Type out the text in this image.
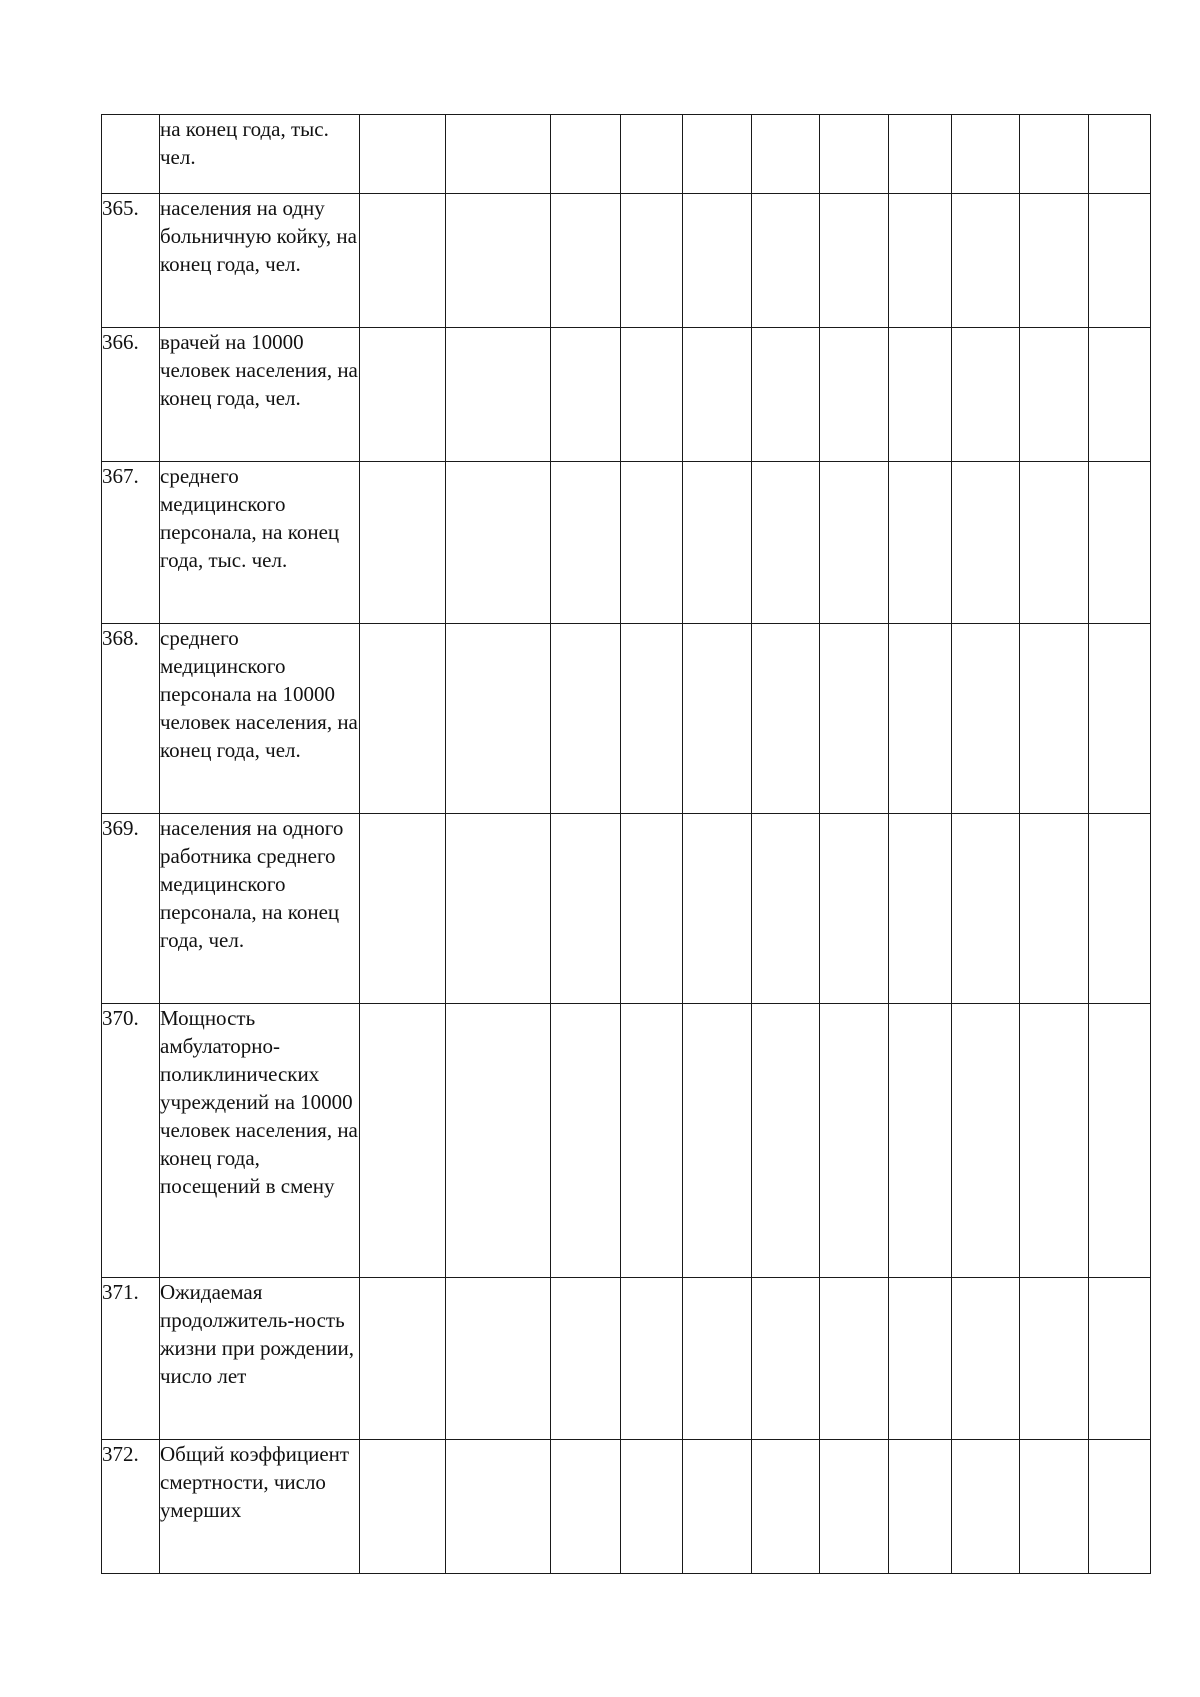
	на конец года, тыс. чел.											
365.	населения на одну больничную койку, на конец года, чел.											
366.	врачей на 10000 человек населения, на конец года, чел.											
367.	среднего медицинского персонала, на конец года, тыс. чел.											
368.	среднего медицинского персонала на 10000 человек населения, на конец года, чел.											
369.	населения на одного работника среднего медицинского персонала, на конец года, чел.											
370.	Мощность амбулаторно-поликлинических учреждений на 10000 человек населения, на конец года, посещений в смену											
371.	Ожидаемая продолжитель-ность жизни при рождении, число лет											
372.	Общий коэффициент смертности, число умерших											
